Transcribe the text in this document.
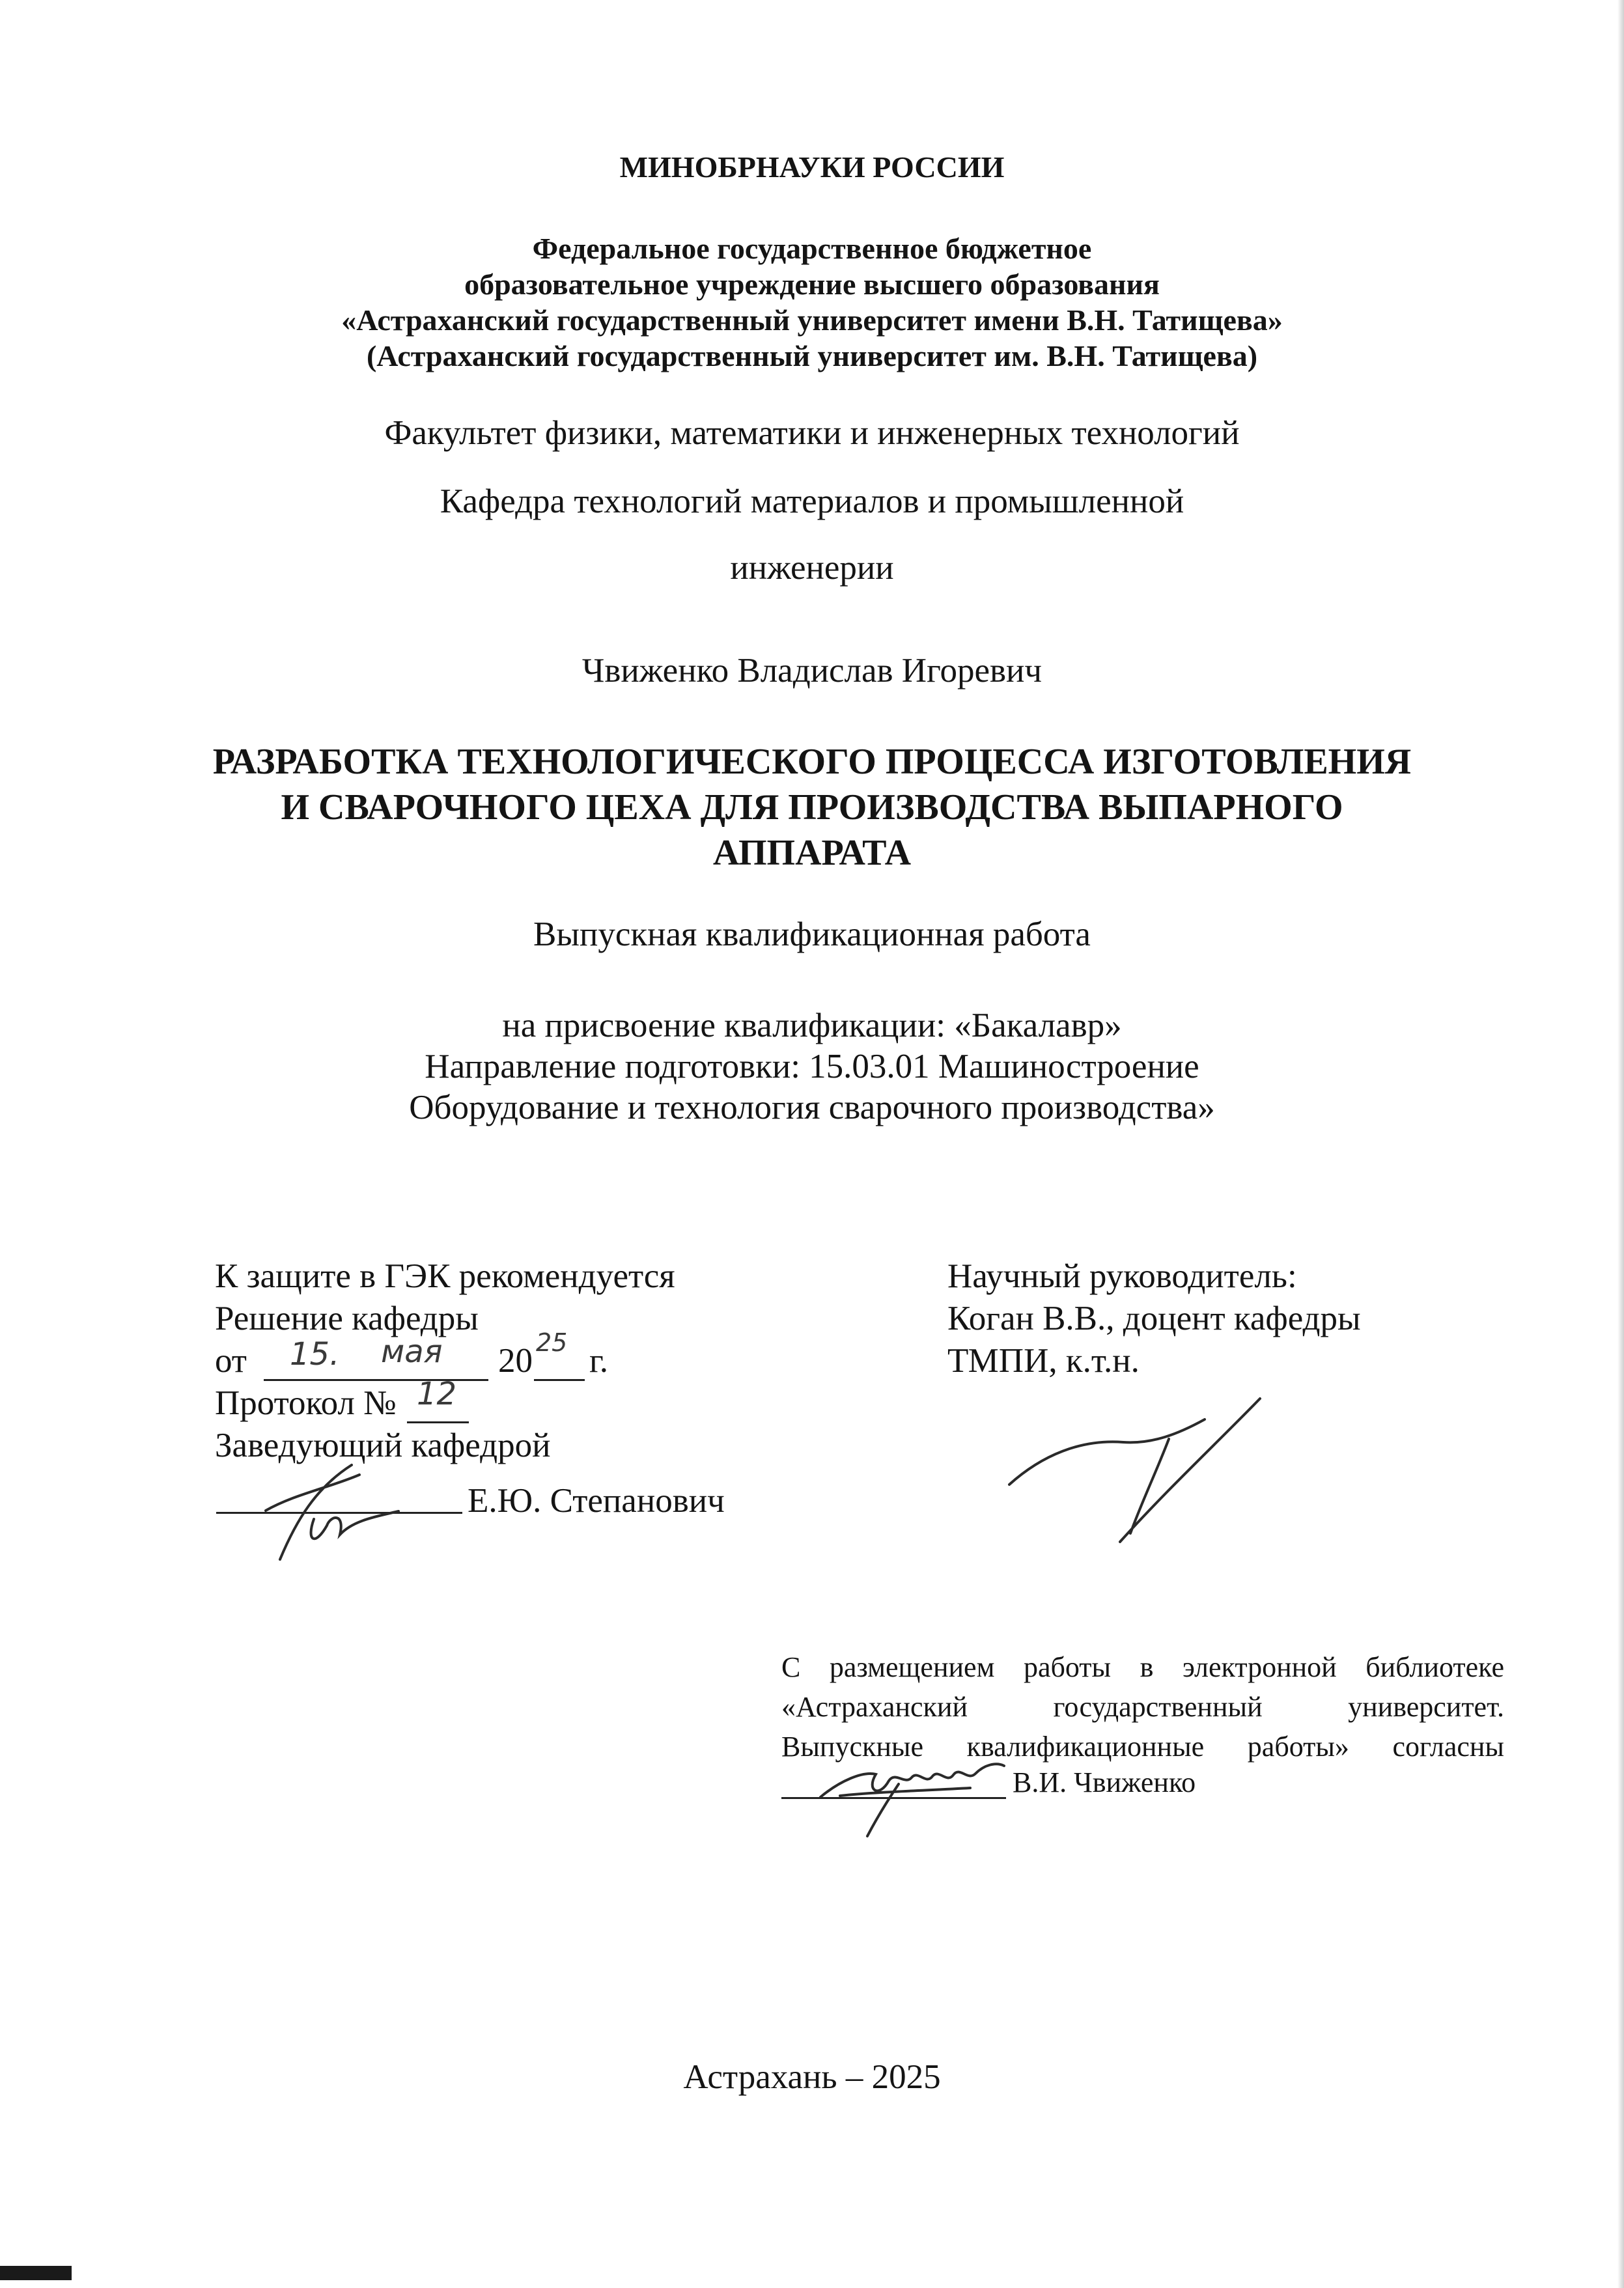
МИНОБРНАУКИ РОССИИ
Федеральное государственное бюджетное
образовательное учреждение высшего образования
«Астраханский государственный университет имени В.Н. Татищева»
(Астраханский государственный университет им. В.Н. Татищева)
Факультет физики, математики и инженерных технологий
Кафедра технологий материалов и промышленной
инженерии
Чвиженко Владислав Игоревич
РАЗРАБОТКА ТЕХНОЛОГИЧЕСКОГО ПРОЦЕССА ИЗГОТОВЛЕНИЯ
И СВАРОЧНОГО ЦЕХА ДЛЯ ПРОИЗВОДСТВА ВЫПАРНОГО
АППАРАТА
Выпускная квалификационная работа
на присвоение квалификации: «Бакалавр»
Направление подготовки: 15.03.01 Машиностроение
Оборудование и технология сварочного производства»
К защите в ГЭК рекомендуется
Решение кафедры
от 15. мая 20 25 г.
Протокол № 12
Заведующий кафедрой
Е.Ю. Степанович
Научный руководитель:
Коган В.В., доцент кафедры
ТМПИ, к.т.н.
С размещением работы в электронной библиотеке
«Астраханский государственный университет.
Выпускные квалификационные работы» согласны
В.И. Чвиженко
Астрахань – 2025
